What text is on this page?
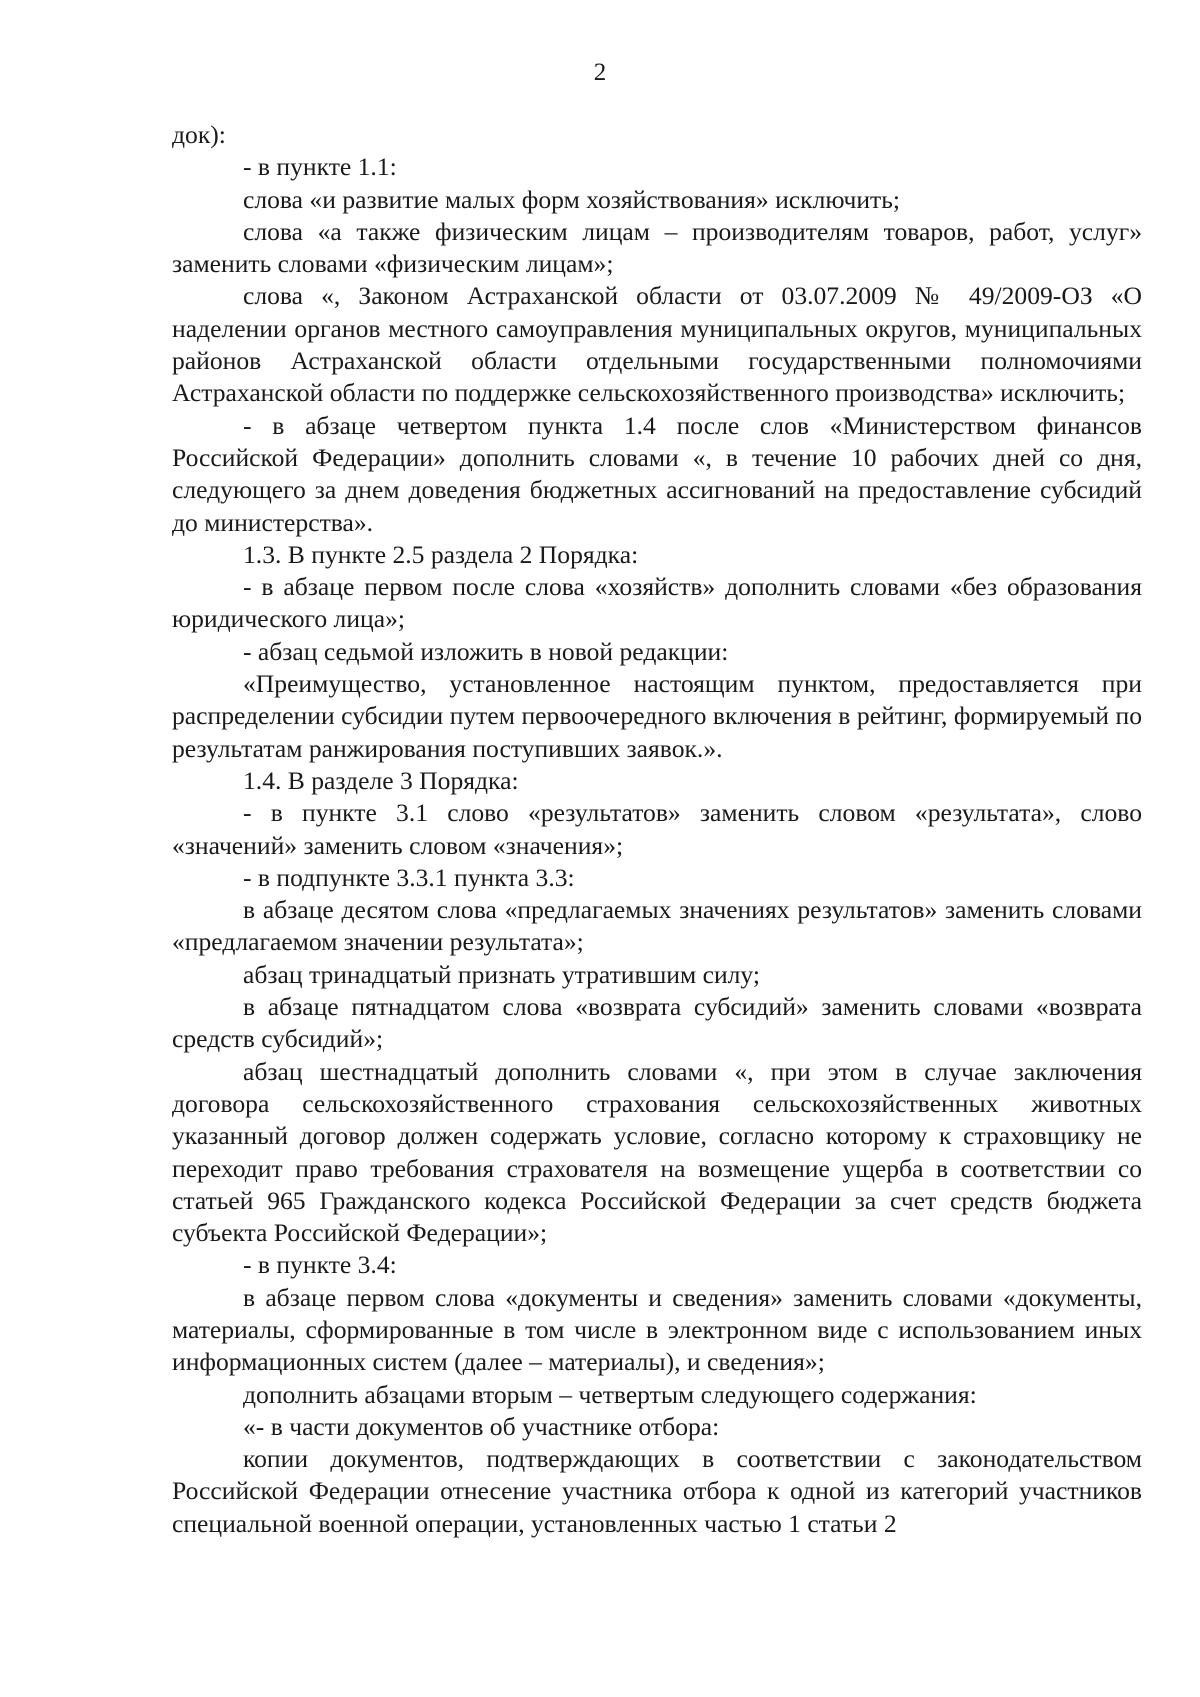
2

док):

- в пункте 1.1:

слова «и развитие малых форм хозяйствования» исключить;

слова «а также физическим лицам – производителям товаров, работ, услуг» заменить словами «физическим лицам»;

слова «, Законом Астраханской области от 03.07.2009 № 49/2009-ОЗ «О наделении органов местного самоуправления муниципальных округов, муниципальных районов Астраханской области отдельными государственными полномочиями Астраханской области по поддержке сельскохозяйственного производства» исключить;

- в абзаце четвертом пункта 1.4 после слов «Министерством финансов Российской Федерации» дополнить словами «, в течение 10 рабочих дней со дня, следующего за днем доведения бюджетных ассигнований на предоставление субсидий до министерства».

1.3. В пункте 2.5 раздела 2 Порядка:

- в абзаце первом после слова «хозяйств» дополнить словами «без образования юридического лица»;

- абзац седьмой изложить в новой редакции:

«Преимущество, установленное настоящим пунктом, предоставляется при распределении субсидии путем первоочередного включения в рейтинг, формируемый по результатам ранжирования поступивших заявок.».

1.4. В разделе 3 Порядка:

- в пункте 3.1 слово «результатов» заменить словом «результата», слово «значений» заменить словом «значения»;

- в подпункте 3.3.1 пункта 3.3:

в абзаце десятом слова «предлагаемых значениях результатов» заменить словами «предлагаемом значении результата»;

абзац тринадцатый признать утратившим силу;

в абзаце пятнадцатом слова «возврата субсидий» заменить словами «возврата средств субсидий»;

абзац шестнадцатый дополнить словами «, при этом в случае заключения договора сельскохозяйственного страхования сельскохозяйственных животных указанный договор должен содержать условие, согласно которому к страховщику не переходит право требования страхователя на возмещение ущерба в соответствии со статьей 965 Гражданского кодекса Российской Федерации за счет средств бюджета субъекта Российской Федерации»;

- в пункте 3.4:

в абзаце первом слова «документы и сведения» заменить словами «документы, материалы, сформированные в том числе в электронном виде с использованием иных информационных систем (далее – материалы), и сведения»;

дополнить абзацами вторым – четвертым следующего содержания:

«- в части документов об участнике отбора:

копии документов, подтверждающих в соответствии с законодательством Российской Федерации отнесение участника отбора к одной из категорий участников специальной военной операции, установленных частью 1 статьи 2
